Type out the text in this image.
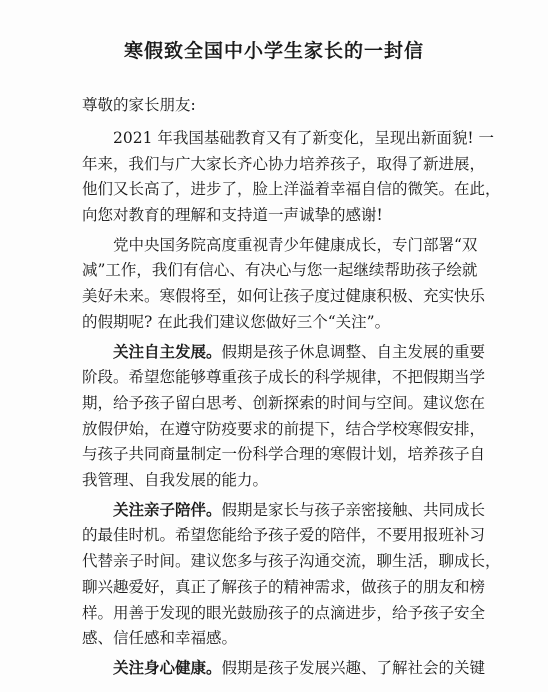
寒假致全国中小学生家长的一封信
尊敬的家长朋友:
2021 年我国基础教育又有了新变化，呈现出新面貌! 一
年来，我们与广大家长齐心协力培养孩子，取得了新进展，
他们又长高了，进步了，脸上洋溢着幸福自信的微笑。在此，
向您对教育的理解和支持道一声诚挚的感谢!
党中央国务院高度重视青少年健康成长，专门部署“双
减”工作，我们有信心、有决心与您一起继续帮助孩子绘就
美好未来。寒假将至，如何让孩子度过健康积极、充实快乐
的假期呢? 在此我们建议您做好三个“关注”。
关注自主发展。假期是孩子休息调整、自主发展的重要
阶段。希望您能够尊重孩子成长的科学规律，不把假期当学
期，给予孩子留白思考、创新探索的时间与空间。建议您在
放假伊始，在遵守防疫要求的前提下，结合学校寒假安排，
与孩子共同商量制定一份科学合理的寒假计划，培养孩子自
我管理、自我发展的能力。
关注亲子陪伴。假期是家长与孩子亲密接触、共同成长
的最佳时机。希望您能给予孩子爱的陪伴，不要用报班补习
代替亲子时间。建议您多与孩子沟通交流，聊生活，聊成长，
聊兴趣爱好，真正了解孩子的精神需求，做孩子的朋友和榜
样。用善于发现的眼光鼓励孩子的点滴进步，给予孩子安全
感、信任感和幸福感。
关注身心健康。假期是孩子发展兴趣、了解社会的关键
